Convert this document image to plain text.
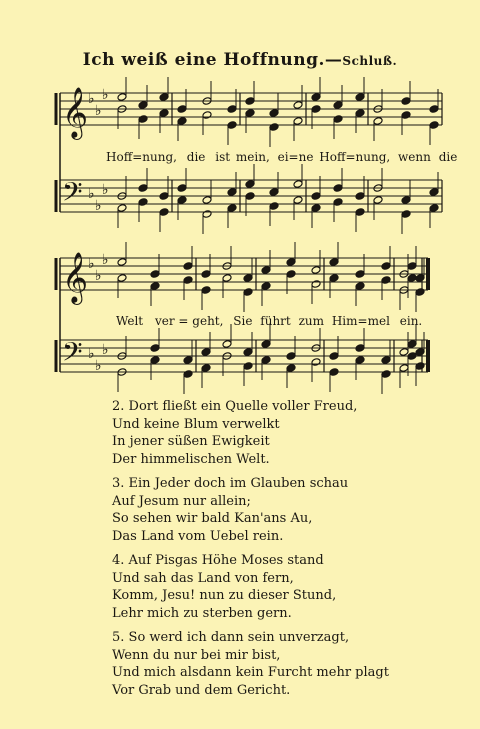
Ich weiß eine Hoffnung.—Schluß.
𝄞 ♭
♭
♭
𝄢 ♭
♭
♭
𝄞 ♭
♭
♭
𝄢 ♭
♭
♭
Hoff=nung, die ist mein, ei=ne Hoff=nung, wenn die
Welt ver = geht, Sie führt zum Him=mel ein.
2. Dort fließt ein Quelle voller Freud,
Und keine Blum verwelkt
In jener süßen Ewigkeit
Der himmelischen Welt.
3. Ein Jeder doch im Glauben schau
Auf Jesum nur allein;
So sehen wir bald Kan'ans Au,
Das Land vom Uebel rein.
4. Auf Pisgas Höhe Moses stand
Und sah das Land von fern,
Komm, Jesu! nun zu dieser Stund,
Lehr mich zu sterben gern.
5. So werd ich dann sein unverzagt,
Wenn du nur bei mir bist,
Und mich alsdann kein Furcht mehr plagt
Vor Grab und dem Gericht.
